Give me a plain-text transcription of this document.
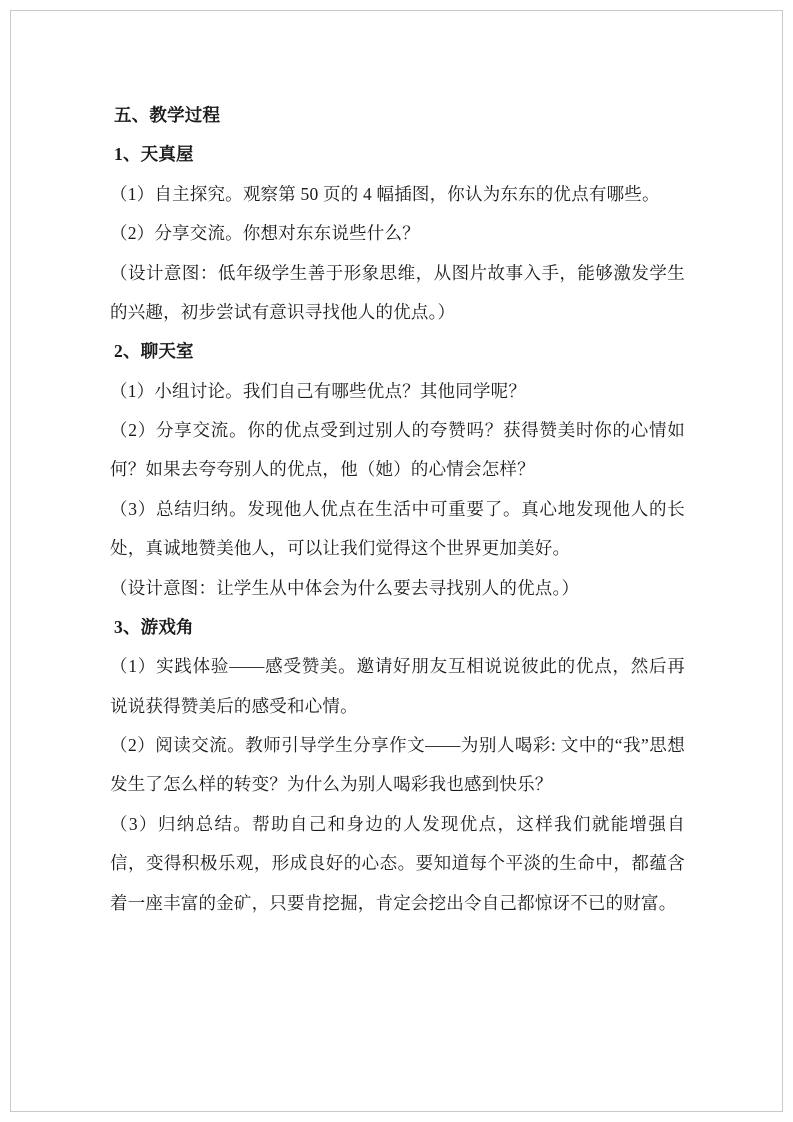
五、教学过程

1、天真屋

（1）自主探究。观察第 50 页的 4 幅插图，你认为东东的优点有哪些。

（2）分享交流。你想对东东说些什么？

（设计意图：低年级学生善于形象思维，从图片故事入手，能够激发学生的兴趣，初步尝试有意识寻找他人的优点。）

2、聊天室

（1）小组讨论。我们自己有哪些优点？其他同学呢？

（2）分享交流。你的优点受到过别人的夸赞吗？获得赞美时你的心情如何？如果去夸夸别人的优点，他（她）的心情会怎样？

（3）总结归纳。发现他人优点在生活中可重要了。真心地发现他人的长处，真诚地赞美他人，可以让我们觉得这个世界更加美好。

（设计意图：让学生从中体会为什么要去寻找别人的优点。）

3、游戏角

（1）实践体验——感受赞美。邀请好朋友互相说说彼此的优点，然后再说说获得赞美后的感受和心情。

（2）阅读交流。教师引导学生分享作文——为别人喝彩: 文中的“我”思想发生了怎么样的转变？为什么为别人喝彩我也感到快乐？

（3）归纳总结。帮助自己和身边的人发现优点，这样我们就能增强自信，变得积极乐观，形成良好的心态。要知道每个平淡的生命中，都蕴含着一座丰富的金矿，只要肯挖掘，肯定会挖出令自己都惊讶不已的财富。
